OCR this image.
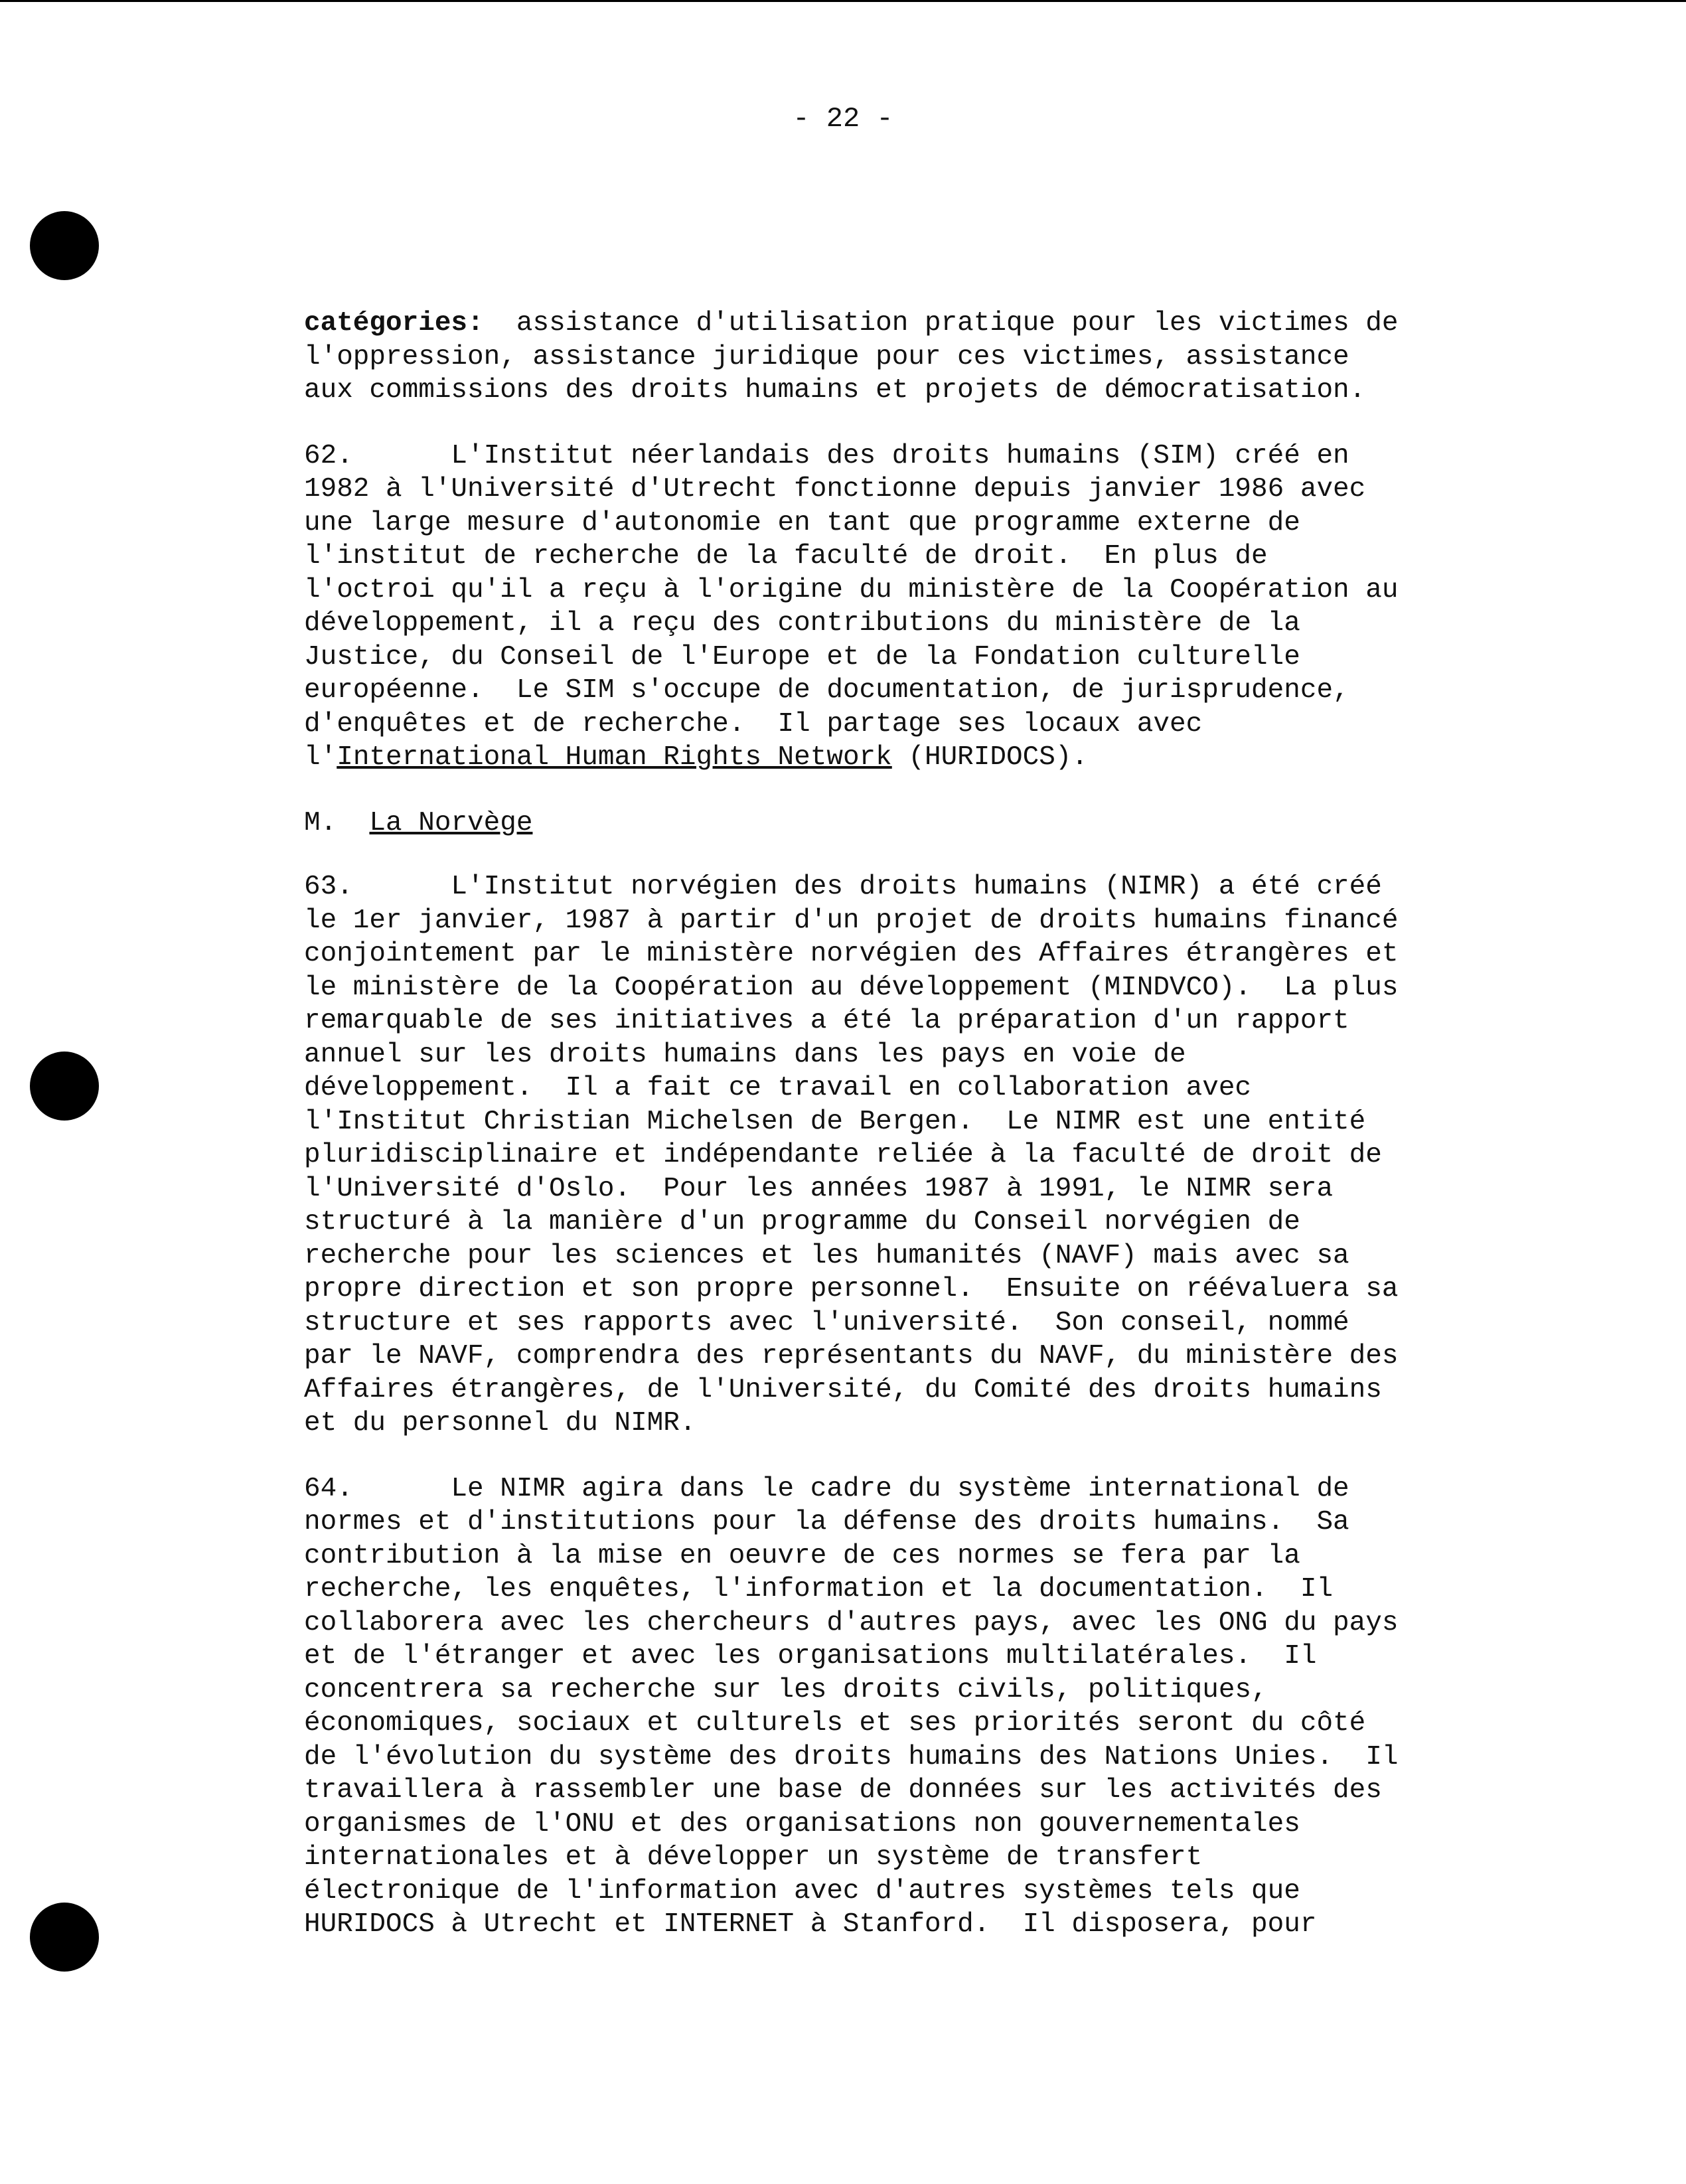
- 22 -
catégories:  assistance d'utilisation pratique pour les victimes de
l'oppression, assistance juridique pour ces victimes, assistance
aux commissions des droits humains et projets de démocratisation.
62.      L'Institut néerlandais des droits humains (SIM) créé en
1982 à l'Université d'Utrecht fonctionne depuis janvier 1986 avec
une large mesure d'autonomie en tant que programme externe de
l'institut de recherche de la faculté de droit.  En plus de
l'octroi qu'il a reçu à l'origine du ministère de la Coopération au
développement, il a reçu des contributions du ministère de la
Justice, du Conseil de l'Europe et de la Fondation culturelle
européenne.  Le SIM s'occupe de documentation, de jurisprudence,
d'enquêtes et de recherche.  Il partage ses locaux avec
l'International Human Rights Network (HURIDOCS).
M.  La Norvège
63.      L'Institut norvégien des droits humains (NIMR) a été créé
le 1er janvier, 1987 à partir d'un projet de droits humains financé
conjointement par le ministère norvégien des Affaires étrangères et
le ministère de la Coopération au développement (MINDVCO).  La plus
remarquable de ses initiatives a été la préparation d'un rapport
annuel sur les droits humains dans les pays en voie de
développement.  Il a fait ce travail en collaboration avec
l'Institut Christian Michelsen de Bergen.  Le NIMR est une entité
pluridisciplinaire et indépendante reliée à la faculté de droit de
l'Université d'Oslo.  Pour les années 1987 à 1991, le NIMR sera
structuré à la manière d'un programme du Conseil norvégien de
recherche pour les sciences et les humanités (NAVF) mais avec sa
propre direction et son propre personnel.  Ensuite on réévaluera sa
structure et ses rapports avec l'université.  Son conseil, nommé
par le NAVF, comprendra des représentants du NAVF, du ministère des
Affaires étrangères, de l'Université, du Comité des droits humains
et du personnel du NIMR.
64.      Le NIMR agira dans le cadre du système international de
normes et d'institutions pour la défense des droits humains.  Sa
contribution à la mise en oeuvre de ces normes se fera par la
recherche, les enquêtes, l'information et la documentation.  Il
collaborera avec les chercheurs d'autres pays, avec les ONG du pays
et de l'étranger et avec les organisations multilatérales.  Il
concentrera sa recherche sur les droits civils, politiques,
économiques, sociaux et culturels et ses priorités seront du côté
de l'évolution du système des droits humains des Nations Unies.  Il
travaillera à rassembler une base de données sur les activités des
organismes de l'ONU et des organisations non gouvernementales
internationales et à développer un système de transfert
électronique de l'information avec d'autres systèmes tels que
HURIDOCS à Utrecht et INTERNET à Stanford.  Il disposera, pour
